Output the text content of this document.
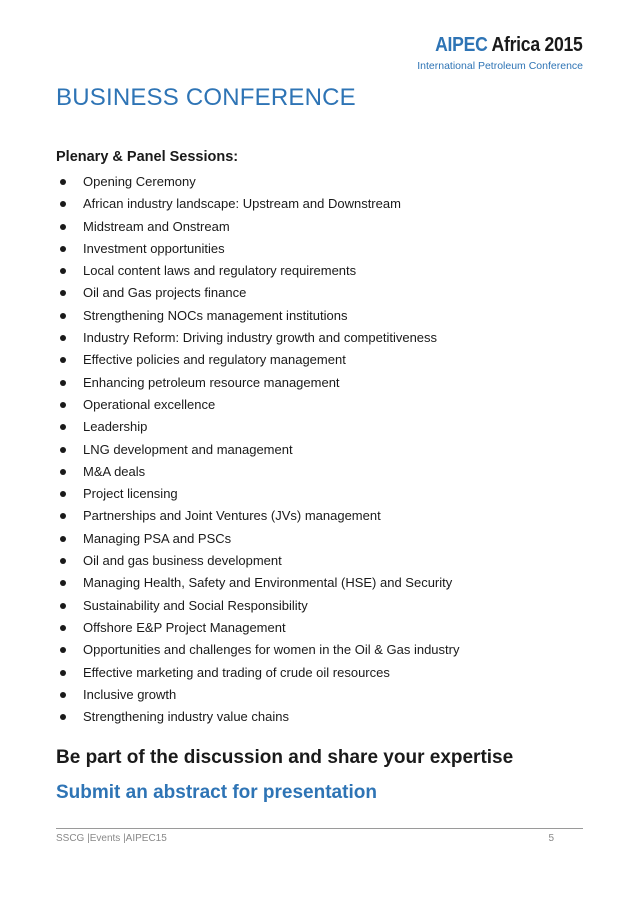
AIPEC Africa 2015
International Petroleum Conference
BUSINESS CONFERENCE
Plenary & Panel Sessions:
Opening Ceremony
African industry landscape: Upstream and Downstream
Midstream and Onstream
Investment opportunities
Local content laws and regulatory requirements
Oil and Gas projects finance
Strengthening NOCs management institutions
Industry Reform: Driving industry growth and competitiveness
Effective policies and regulatory management
Enhancing petroleum resource management
Operational excellence
Leadership
LNG development and management
M&A deals
Project licensing
Partnerships and Joint Ventures (JVs) management
Managing PSA and PSCs
Oil and gas business development
Managing Health, Safety and Environmental (HSE) and Security
Sustainability and Social Responsibility
Offshore E&P Project Management
Opportunities and challenges for women in the Oil & Gas industry
Effective marketing and trading of crude oil resources
Inclusive growth
Strengthening industry value chains
Be part of the discussion and share your expertise
Submit an abstract for presentation
SSCG |Events |AIPEC15	5
